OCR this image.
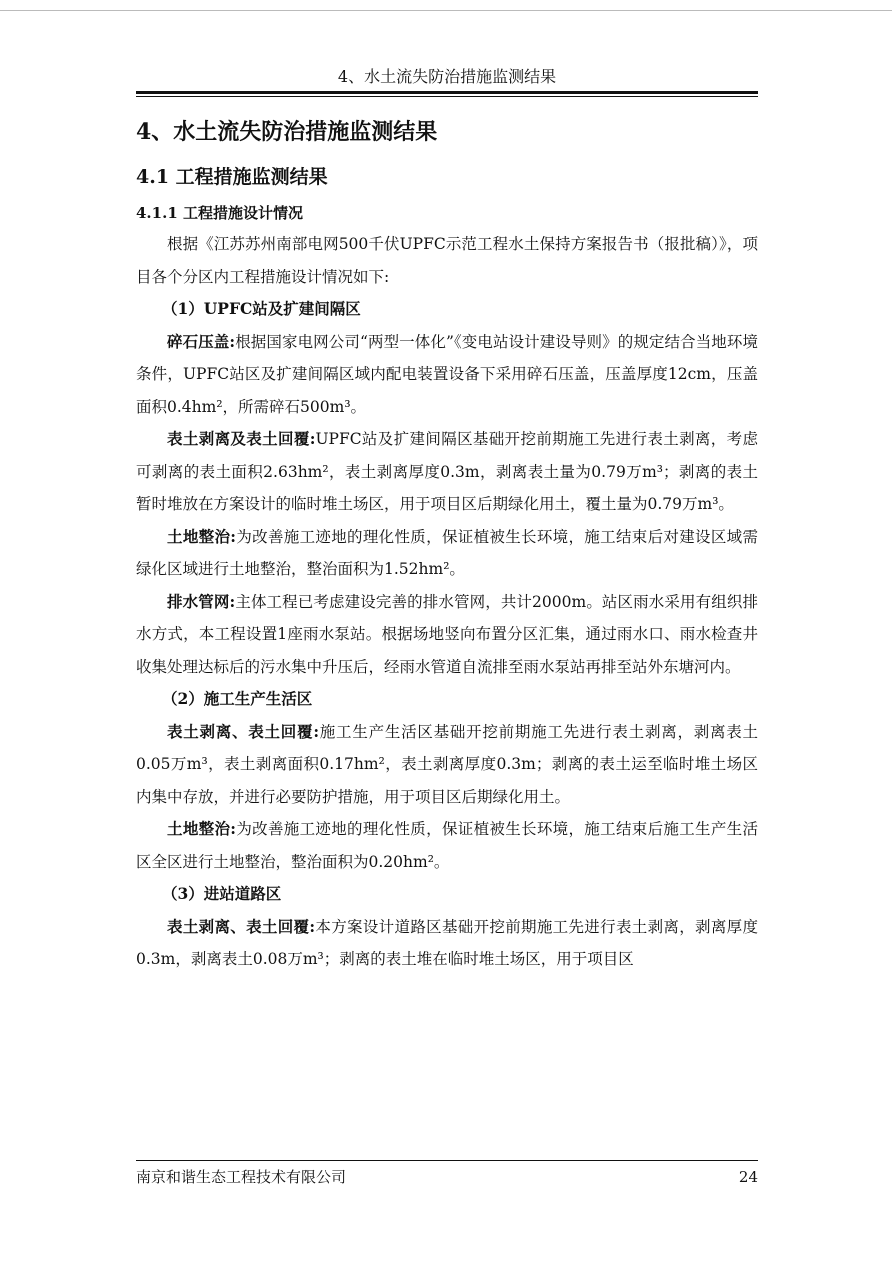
4、水土流失防治措施监测结果
4、水土流失防治措施监测结果
4.1 工程措施监测结果
4.1.1 工程措施设计情况

根据《江苏苏州南部电网500千伏UPFC示范工程水土保持方案报告书（报批稿）》，项目各个分区内工程措施设计情况如下:

（1）UPFC站及扩建间隔区

碎石压盖:根据国家电网公司“两型一体化”《变电站设计建设导则》的规定结合当地环境条件，UPFC站区及扩建间隔区域内配电装置设备下采用碎石压盖，压盖厚度12cm，压盖面积0.4hm²，所需碎石500m³。

表土剥离及表土回覆:UPFC站及扩建间隔区基础开挖前期施工先进行表土剥离，考虑可剥离的表土面积2.63hm²，表土剥离厚度0.3m，剥离表土量为0.79万m³；剥离的表土暂时堆放在方案设计的临时堆土场区，用于项目区后期绿化用土，覆土量为0.79万m³。

土地整治:为改善施工迹地的理化性质，保证植被生长环境，施工结束后对建设区域需绿化区域进行土地整治，整治面积为1.52hm²。

排水管网:主体工程已考虑建设完善的排水管网，共计2000m。站区雨水采用有组织排水方式，本工程设置1座雨水泵站。根据场地竖向布置分区汇集，通过雨水口、雨水检查井收集处理达标后的污水集中升压后，经雨水管道自流排至雨水泵站再排至站外东塘河内。

（2）施工生产生活区

表土剥离、表土回覆:施工生产生活区基础开挖前期施工先进行表土剥离，剥离表土0.05万m³，表土剥离面积0.17hm²，表土剥离厚度0.3m；剥离的表土运至临时堆土场区内集中存放，并进行必要防护措施，用于项目区后期绿化用土。

土地整治:为改善施工迹地的理化性质，保证植被生长环境，施工结束后施工生产生活区全区进行土地整治，整治面积为0.20hm²。

（3）进站道路区

表土剥离、表土回覆:本方案设计道路区基础开挖前期施工先进行表土剥离，剥离厚度0.3m，剥离表土0.08万m³；剥离的表土堆在临时堆土场区，用于项目区

南京和谐生态工程技术有限公司	24
